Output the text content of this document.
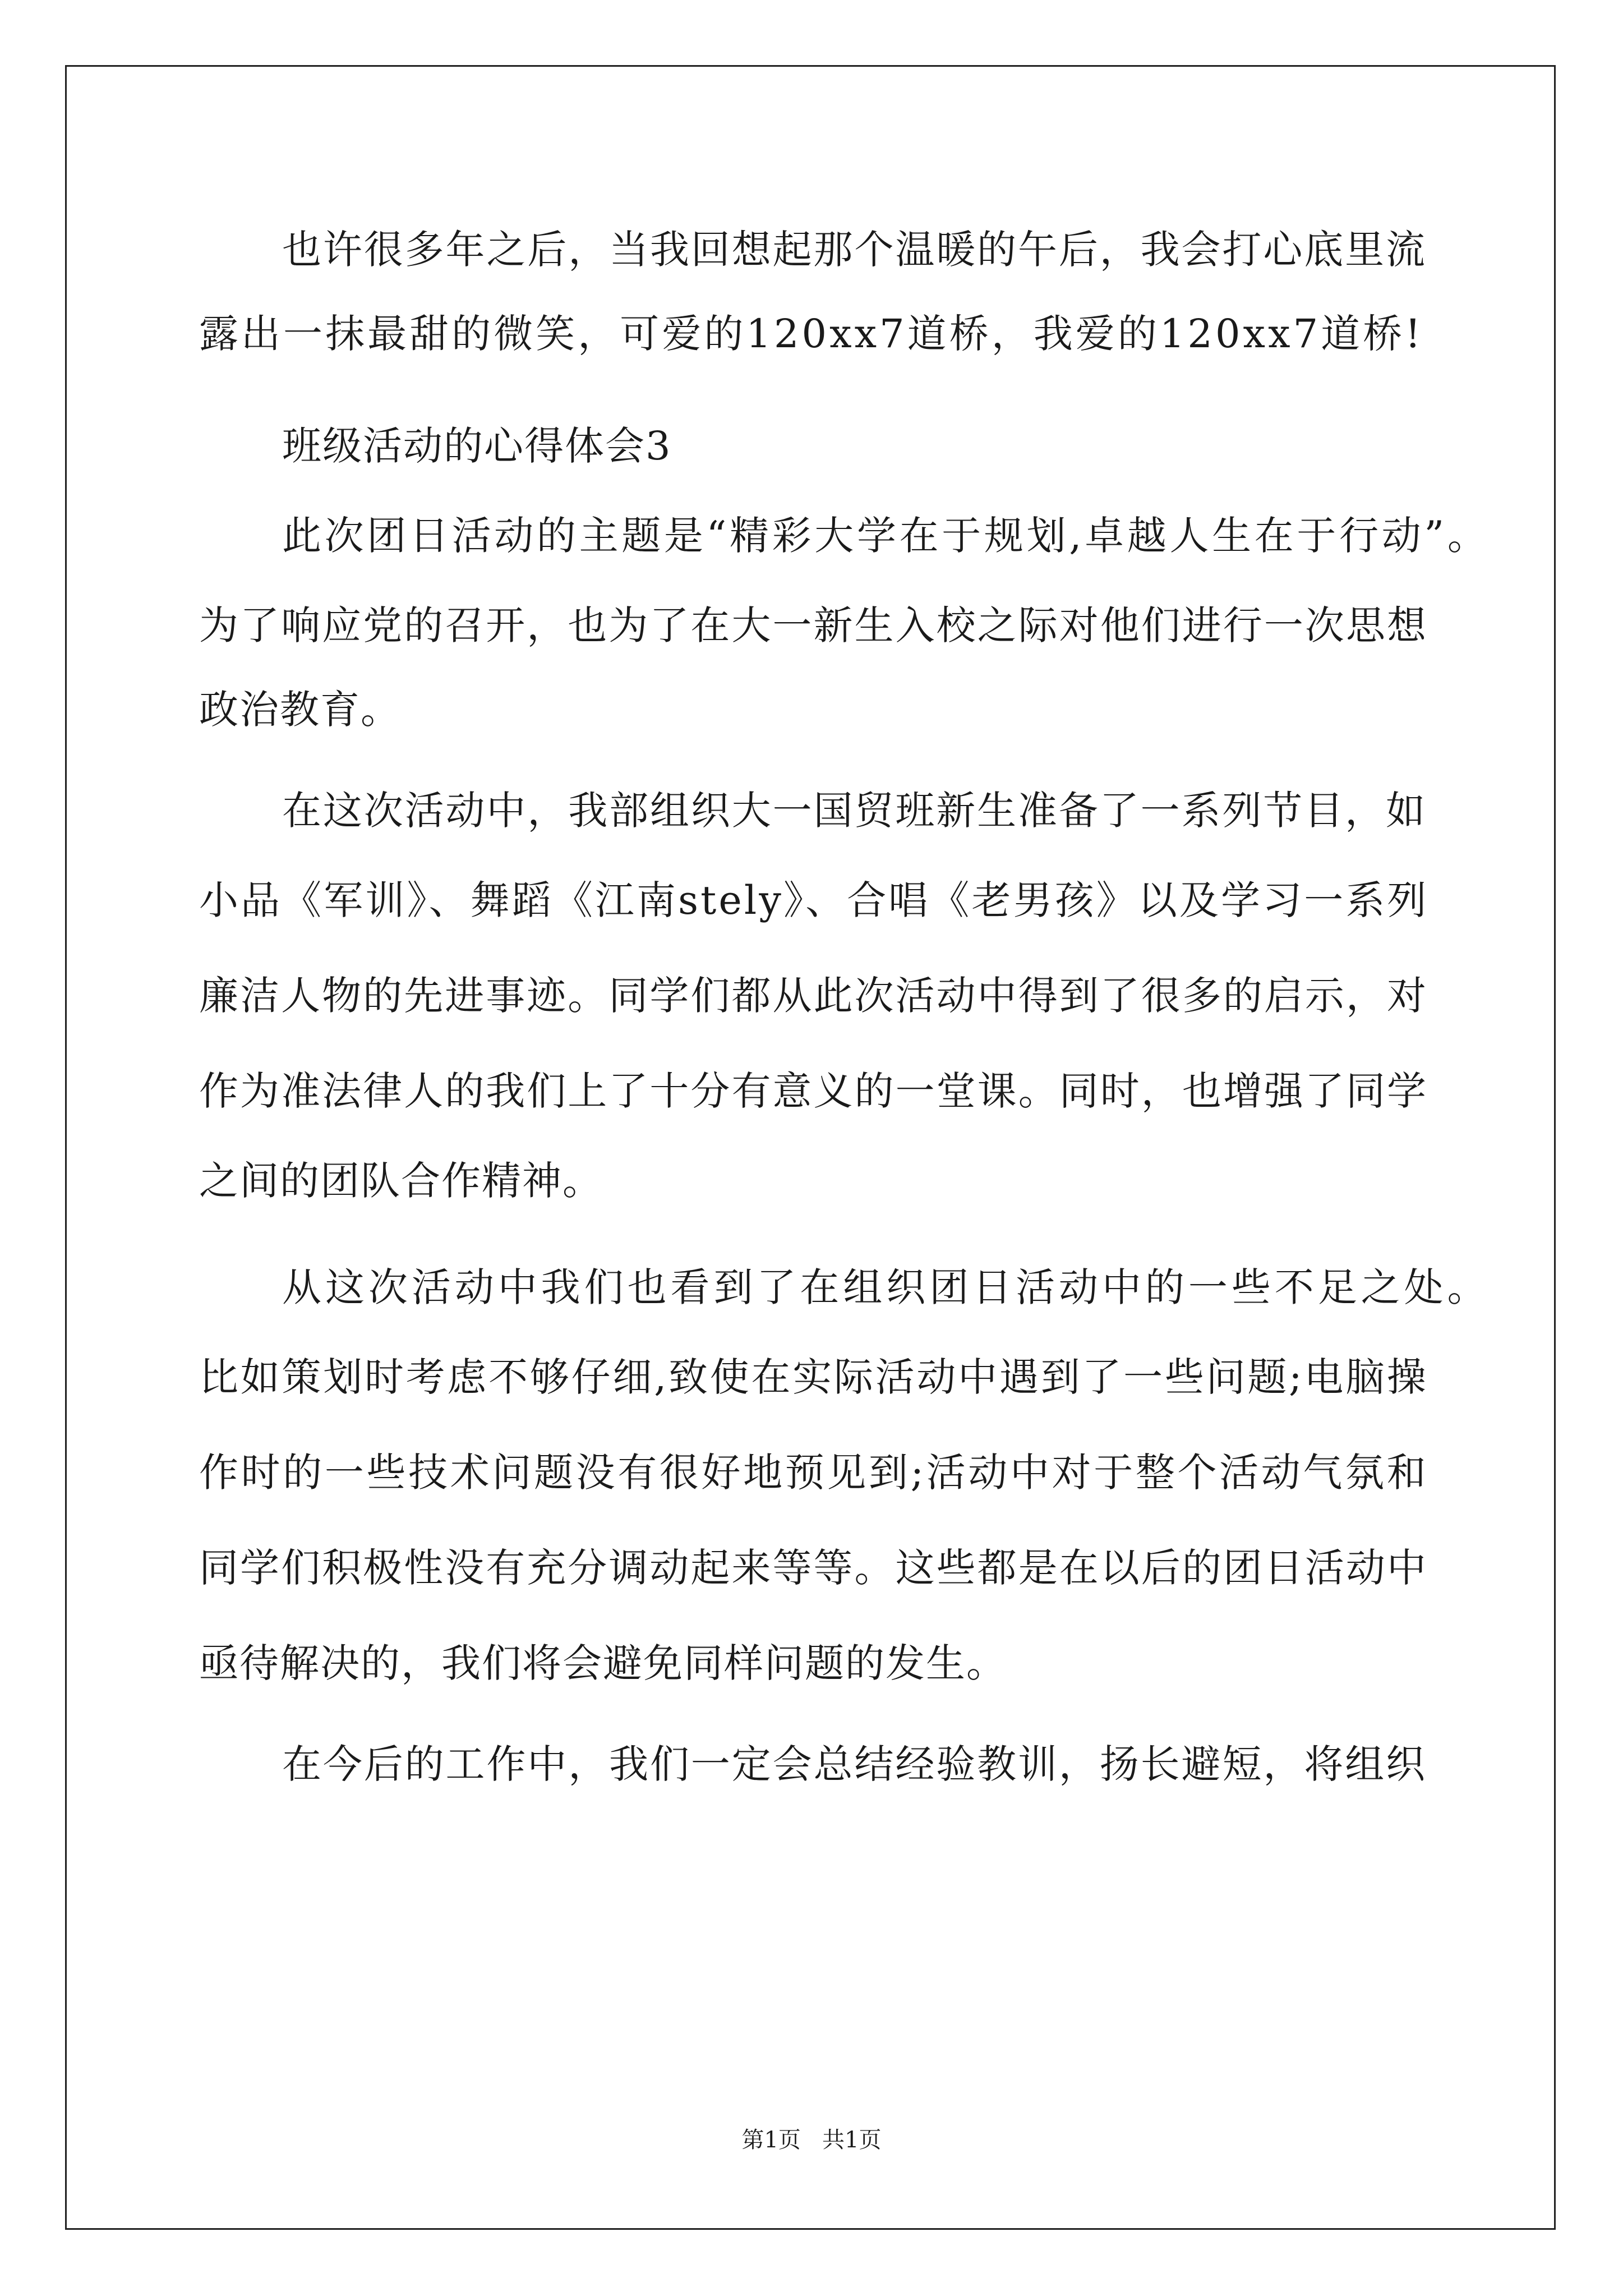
也许很多年之后，当我回想起那个温暖的午后，我会打心底里流
露出一抹最甜的微笑，可爱的120xx7道桥，我爱的120xx7道桥!
班级活动的心得体会3
此次团日活动的主题是“精彩大学在于规划,卓越人生在于行动”。
为了响应党的召开，也为了在大一新生入校之际对他们进行一次思想
政治教育。
在这次活动中，我部组织大一国贸班新生准备了一系列节目，如
小品《军训》、舞蹈《江南stely》、合唱《老男孩》以及学习一系列
廉洁人物的先进事迹。同学们都从此次活动中得到了很多的启示，对
作为准法律人的我们上了十分有意义的一堂课。同时，也增强了同学
之间的团队合作精神。
从这次活动中我们也看到了在组织团日活动中的一些不足之处。
比如策划时考虑不够仔细,致使在实际活动中遇到了一些问题;电脑操
作时的一些技术问题没有很好地预见到;活动中对于整个活动气氛和
同学们积极性没有充分调动起来等等。这些都是在以后的团日活动中
亟待解决的，我们将会避免同样问题的发生。
在今后的工作中，我们一定会总结经验教训，扬长避短，将组织
第1页   共1页
